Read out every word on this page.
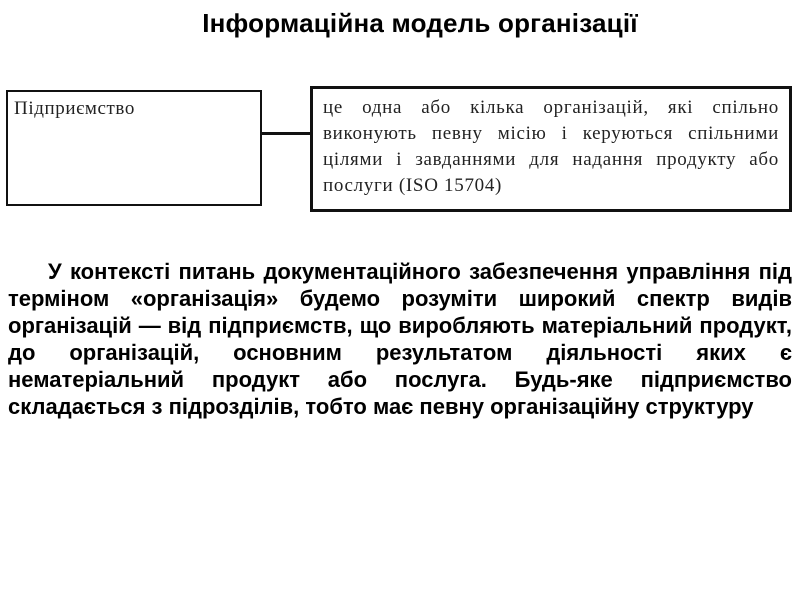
Інформаційна модель організації
Підприємство	це одна або кілька організацій, які спільно виконують певну місію і керуються спільними цілями і завданнями для надання продукту або послуги (ISO 15704)
У контексті питань документаційного забезпечення управління під терміном «організація» будемо розуміти широкий спектр видів організацій — від підприємств, що виробляють матеріальний продукт, до організацій, основним результатом діяльності яких є нематеріальний продукт або послуга. Будь-яке підприємство складається з підрозділів, тобто має певну організаційну структуру
